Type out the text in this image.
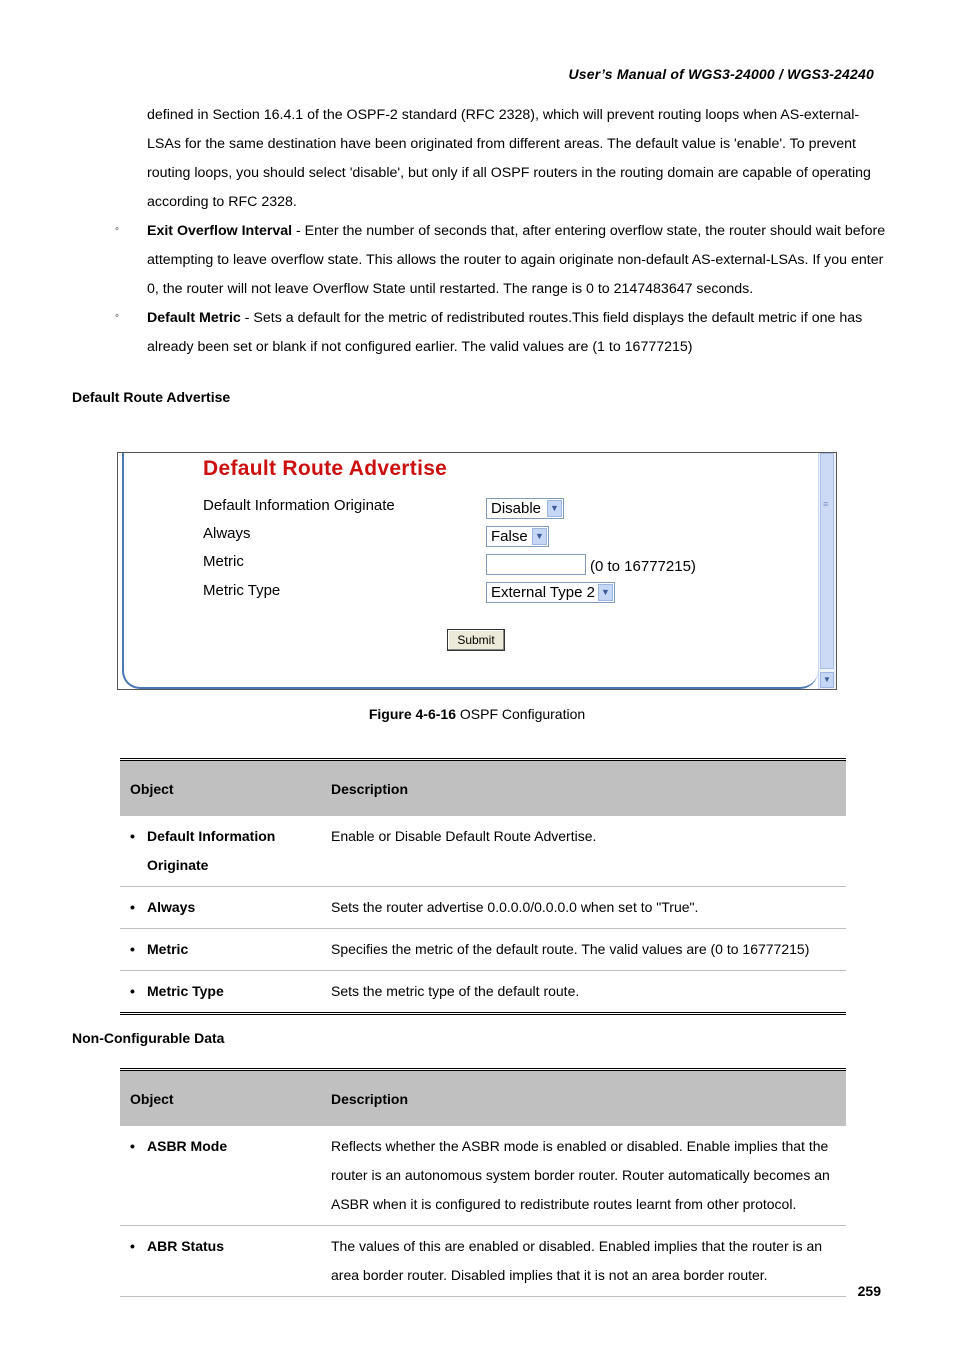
User’s Manual of WGS3-24000 / WGS3-24240
defined in Section 16.4.1 of the OSPF-2 standard (RFC 2328), which will prevent routing loops when AS-external-LSAs for the same destination have been originated from different areas. The default value is 'enable'. To prevent routing loops, you should select 'disable', but only if all OSPF routers in the routing domain are capable of operating according to RFC 2328.
◦ Exit Overflow Interval - Enter the number of seconds that, after entering overflow state, the router should wait before attempting to leave overflow state. This allows the router to again originate non-default AS-external-LSAs. If you enter 0, the router will not leave Overflow State until restarted. The range is 0 to 2147483647 seconds.
◦ Default Metric - Sets a default for the metric of redistributed routes.This field displays the default metric if one has already been set or blank if not configured earlier. The valid values are (1 to 16777215)
Default Route Advertise
Default Route Advertise
Default Information Originate	Disable	▼
Always	False ▼
Metric	(0 to 16777215)
Metric Type	External Type 2 ▼
Submit
≡
▼
Figure 4-6-16 OSPF Configuration
Object	Description
• Default Information Originate	Enable or Disable Default Route Advertise.
• Always	Sets the router advertise 0.0.0.0/0.0.0.0 when set to "True".
• Metric	Specifies the metric of the default route. The valid values are (0 to 16777215)
• Metric Type	Sets the metric type of the default route.
Non-Configurable Data
Object	Description
• ASBR Mode	Reflects whether the ASBR mode is enabled or disabled. Enable implies that the router is an autonomous system border router. Router automatically becomes an ASBR when it is configured to redistribute routes learnt from other protocol.
• ABR Status	The values of this are enabled or disabled. Enabled implies that the router is an area border router. Disabled implies that it is not an area border router.
259
